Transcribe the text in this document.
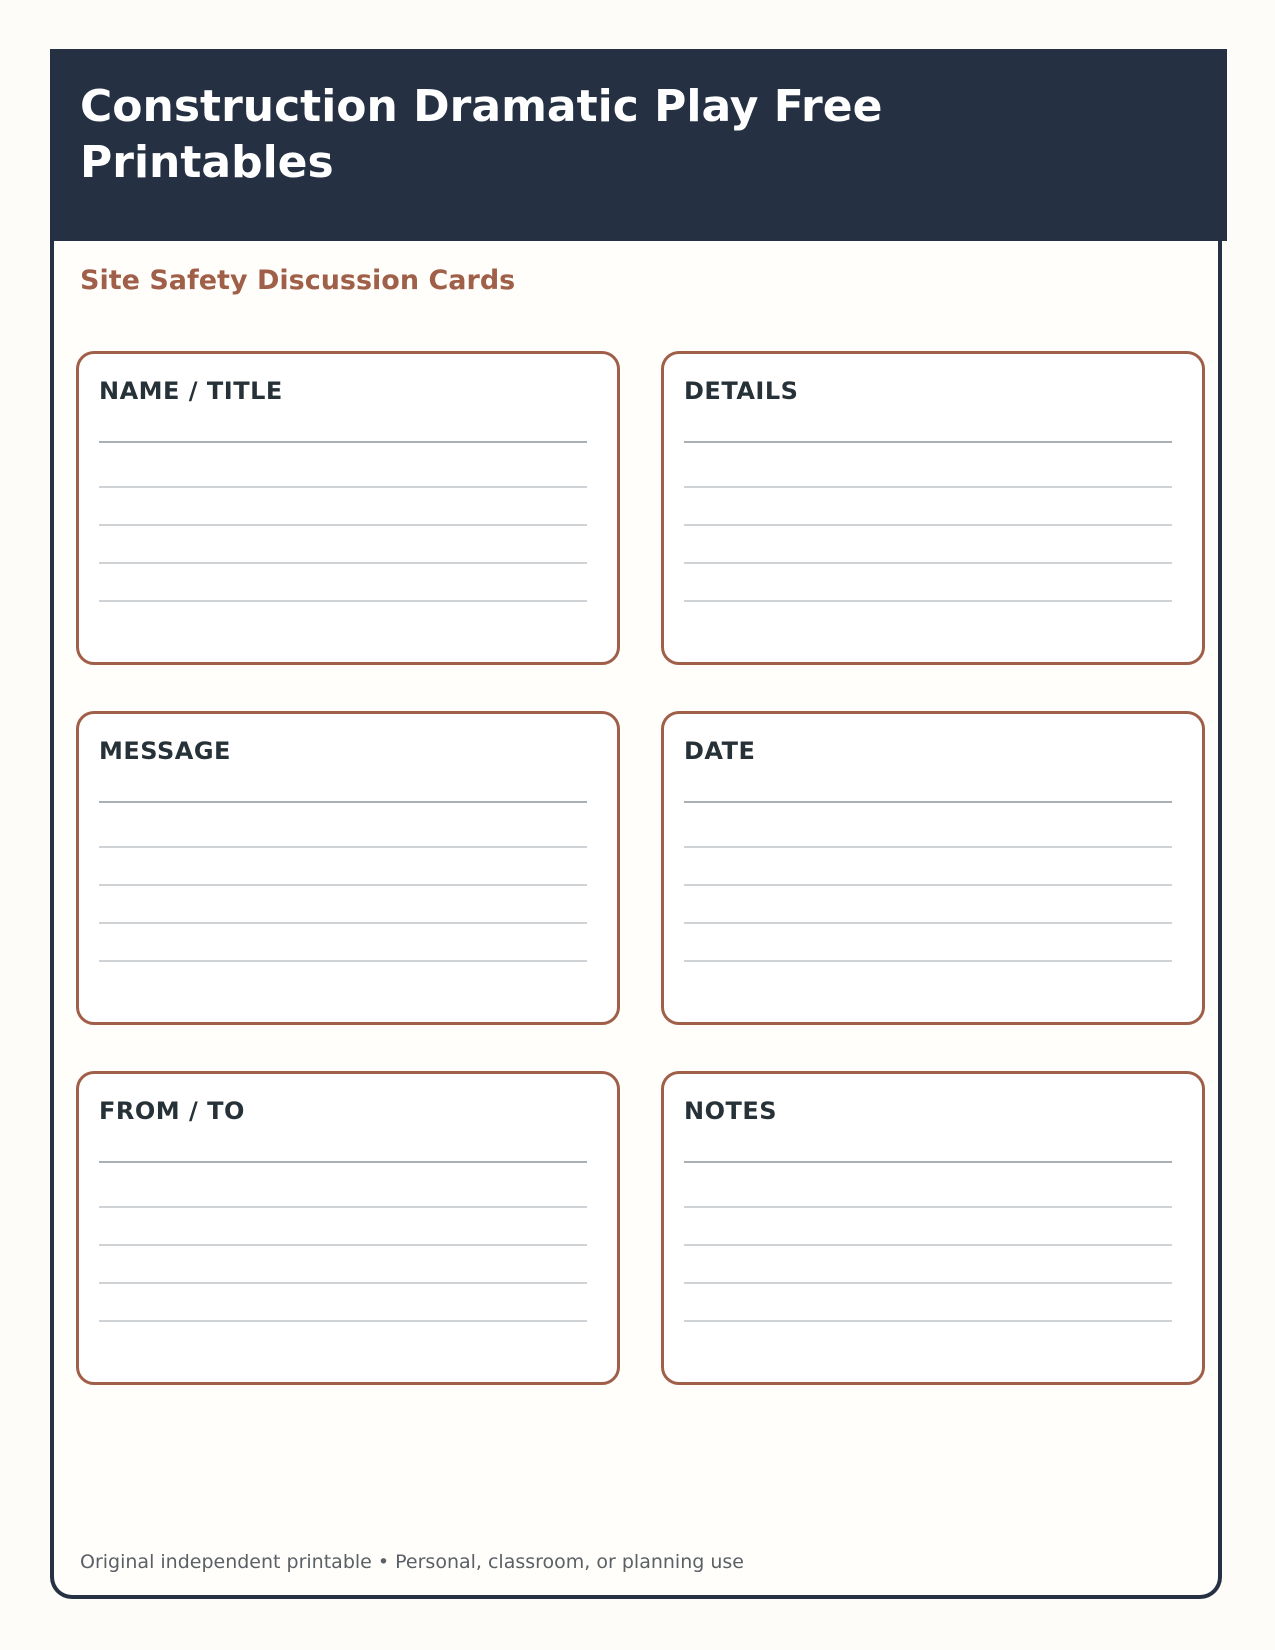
Construction Dramatic Play Free Printables
Site Safety Discussion Cards
NAME / TITLE	DETAILS
MESSAGE	DATE
FROM / TO	NOTES

Original independent printable • Personal, classroom, or planning use
